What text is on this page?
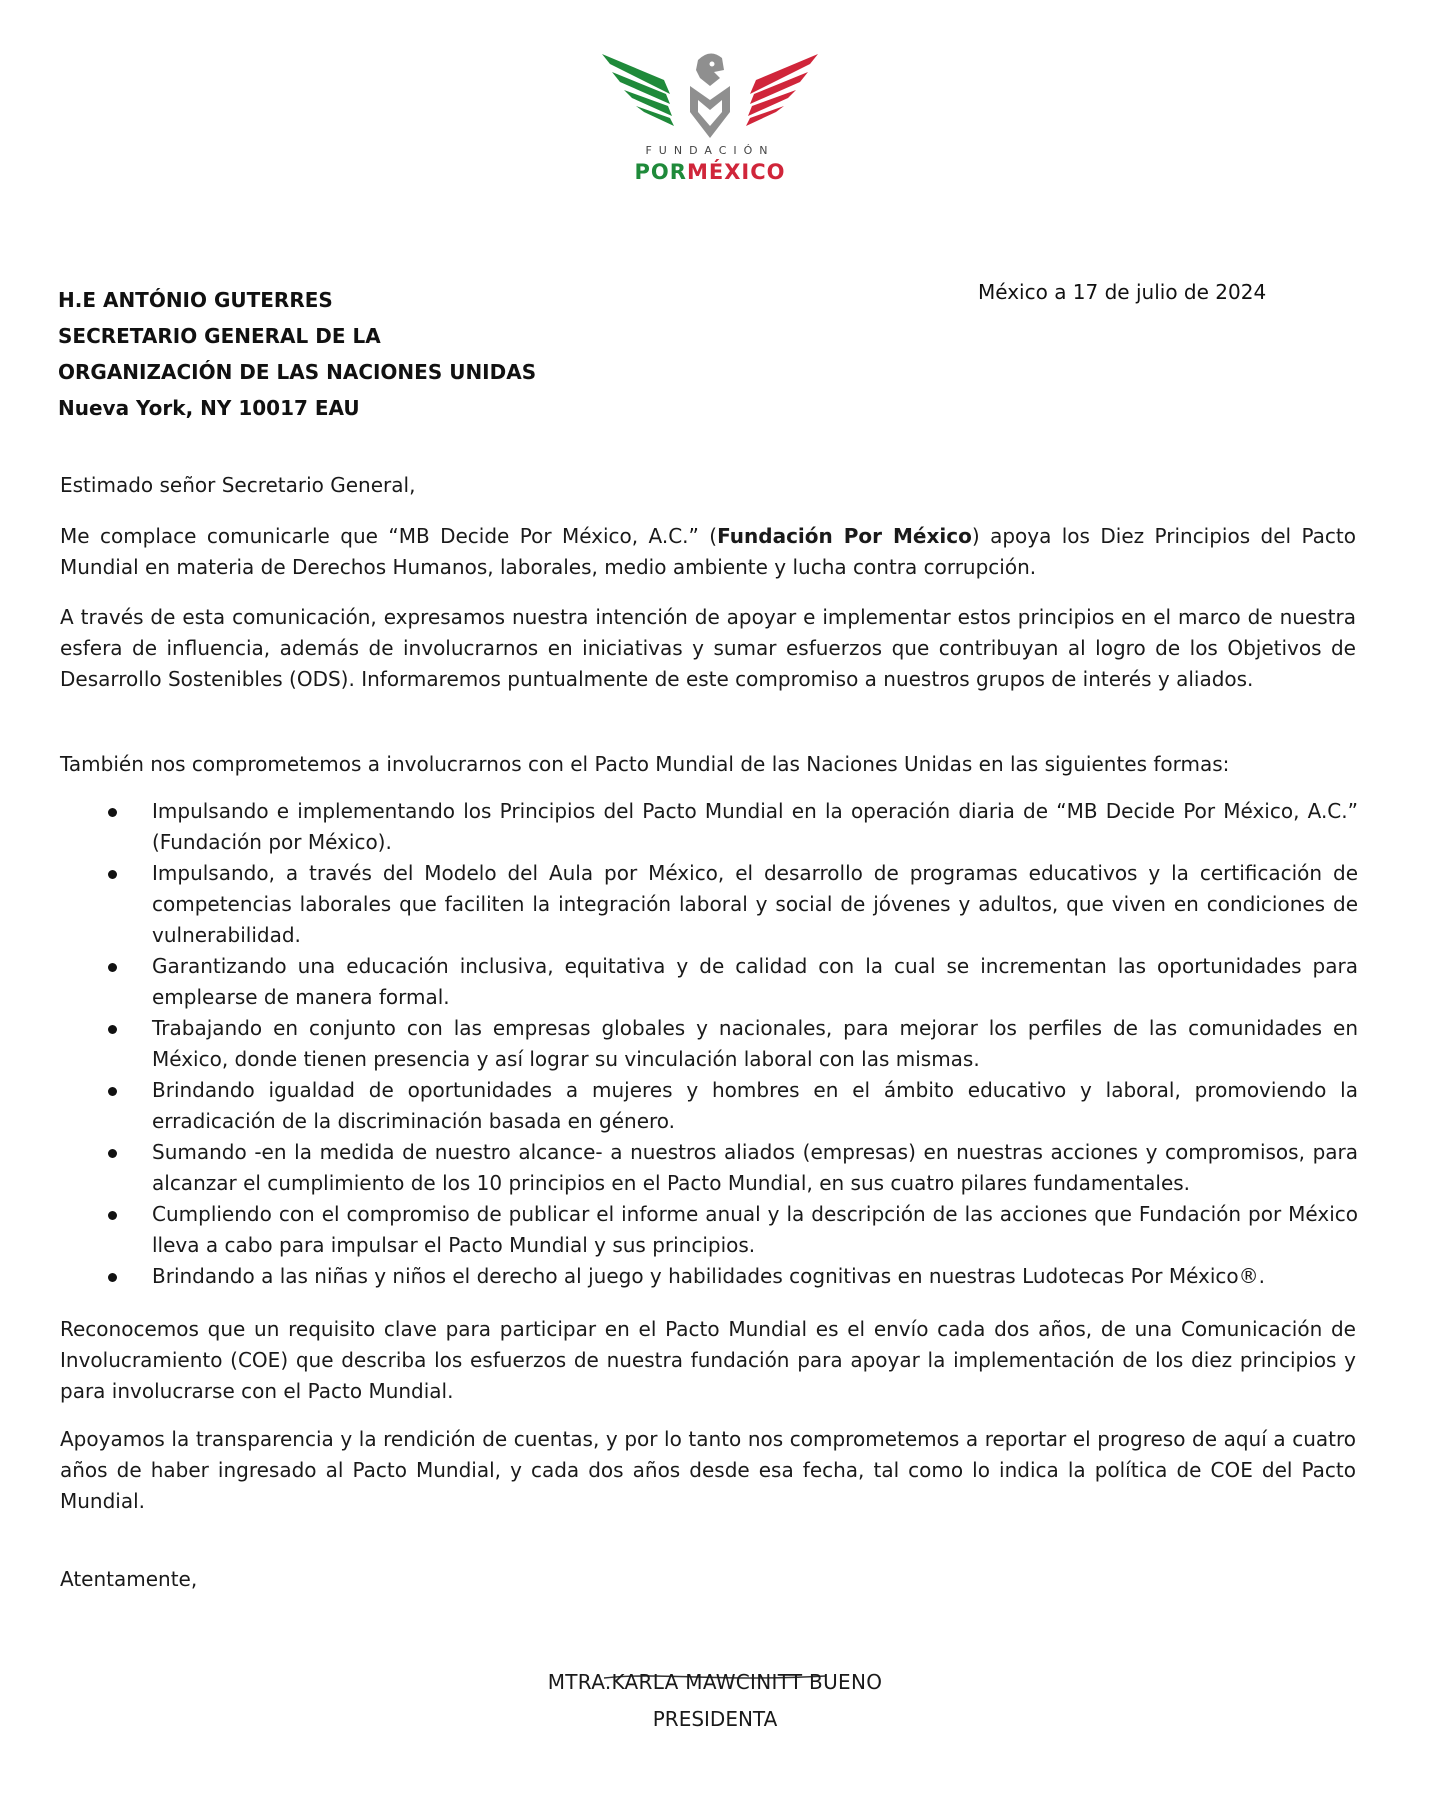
FUNDACIÓN
PORMÉXICO
H.E ANTÓNIO GUTERRES
SECRETARIO GENERAL DE LA
ORGANIZACIÓN DE LAS NACIONES UNIDAS
Nueva York, NY 10017 EAU
México a 17 de julio de 2024
Estimado señor Secretario General,
Me complace comunicarle que “MB Decide Por México, A.C.” (Fundación Por México) apoya los Diez Principios del Pacto Mundial en materia de Derechos Humanos, laborales, medio ambiente y lucha contra corrupción.
A través de esta comunicación, expresamos nuestra intención de apoyar e implementar estos principios en el marco de nuestra esfera de influencia, además de involucrarnos en iniciativas y sumar esfuerzos que contribuyan al logro de los Objetivos de Desarrollo Sostenibles (ODS). Informaremos puntualmente de este compromiso a nuestros grupos de interés y aliados.
También nos comprometemos a involucrarnos con el Pacto Mundial de las Naciones Unidas en las siguientes formas:
Impulsando e implementando los Principios del Pacto Mundial en la operación diaria de “MB Decide Por México, A.C.” (Fundación por México).
Impulsando, a través del Modelo del Aula por México, el desarrollo de programas educativos y la certificación de competencias laborales que faciliten la integración laboral y social de jóvenes y adultos, que viven en condiciones de vulnerabilidad.
Garantizando una educación inclusiva, equitativa y de calidad con la cual se incrementan las oportunidades para emplearse de manera formal.
Trabajando en conjunto con las empresas globales y nacionales, para mejorar los perfiles de las comunidades en México, donde tienen presencia y así lograr su vinculación laboral con las mismas.
Brindando igualdad de oportunidades a mujeres y hombres en el ámbito educativo y laboral, promoviendo la erradicación de la discriminación basada en género.
Sumando -en la medida de nuestro alcance- a nuestros aliados (empresas) en nuestras acciones y compromisos, para alcanzar el cumplimiento de los 10 principios en el Pacto Mundial, en sus cuatro pilares fundamentales.
Cumpliendo con el compromiso de publicar el informe anual y la descripción de las acciones que Fundación por México lleva a cabo para impulsar el Pacto Mundial y sus principios.
Brindando a las niñas y niños el derecho al juego y habilidades cognitivas en nuestras Ludotecas Por México®.
Reconocemos que un requisito clave para participar en el Pacto Mundial es el envío cada dos años, de una Comunicación de Involucramiento (COE) que describa los esfuerzos de nuestra fundación para apoyar la implementación de los diez principios y para involucrarse con el Pacto Mundial.
Apoyamos la transparencia y la rendición de cuentas, y por lo tanto nos comprometemos a reportar el progreso de aquí a cuatro años de haber ingresado al Pacto Mundial, y cada dos años desde esa fecha, tal como lo indica la política de COE del Pacto Mundial.
Atentamente,
MTRA.KARLA MAWCINITT BUENO
PRESIDENTA
